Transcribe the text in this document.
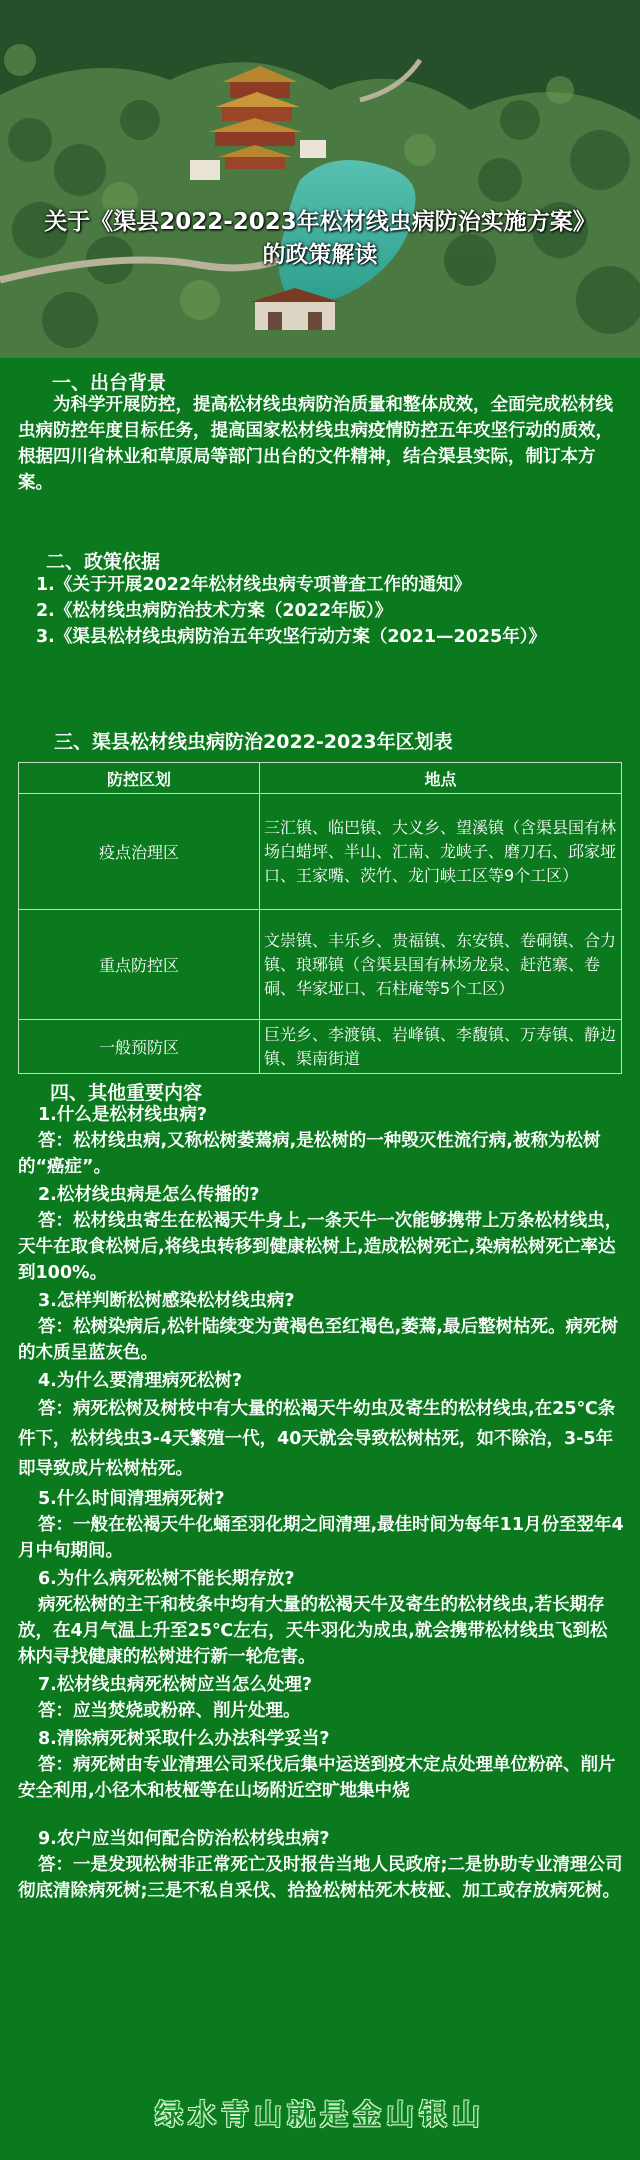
关于《渠县2022-2023年松材线虫病防治实施方案》
的政策解读
一、出台背景

为科学开展防控，提高松材线虫病防治质量和整体成效，全面完成松材线虫病防控年度目标任务，提高国家松材线虫病疫情防控五年攻坚行动的质效，根据四川省林业和草原局等部门出台的文件精神，结合渠县实际，制订本方案。

二、政策依据

1.《关于开展2022年松材线虫病专项普查工作的通知》

2.《松材线虫病防治技术方案（2022年版）》

3.《渠县松材线虫病防治五年攻坚行动方案（2021—2025年）》

三、渠县松材线虫病防治2022-2023年区划表
防控区划	地点
疫点治理区	三汇镇、临巴镇、大义乡、望溪镇（含渠县国有林场白蜡坪、半山、汇南、龙峡子、磨刀石、邱家垭口、王家嘴、茨竹、龙门峡工区等9个工区）
重点防控区	文崇镇、丰乐乡、贵福镇、东安镇、卷硐镇、合力镇、琅琊镇（含渠县国有林场龙泉、赶范寨、卷硐、华家垭口、石柱庵等5个工区）
一般预防区	巨光乡、李渡镇、岩峰镇、李馥镇、万寿镇、静边镇、渠南街道
四、其他重要内容

1.什么是松材线虫病?

答：松材线虫病,又称松树萎蔫病,是松树的一种毁灭性流行病,被称为松树的“癌症”。

2.松材线虫病是怎么传播的?

答：松材线虫寄生在松褐天牛身上,一条天牛一次能够携带上万条松材线虫，天牛在取食松树后,将线虫转移到健康松树上,造成松树死亡,染病松树死亡率达到100%。

3.怎样判断松树感染松材线虫病?

答：松树染病后,松针陆续变为黄褐色至红褐色,萎蔫,最后整树枯死。病死树的木质呈蓝灰色。

4.为什么要清理病死松树?

答：病死松树及树枝中有大量的松褐天牛幼虫及寄生的松材线虫,在25℃条件下，松材线虫3-4天繁殖一代，40天就会导致松树枯死，如不除治，3-5年即导致成片松树枯死。

5.什么时间清理病死树?

答：一般在松褐天牛化蛹至羽化期之间清理,最佳时间为每年11月份至翌年4月中旬期间。

6.为什么病死松树不能长期存放?

病死松树的主干和枝条中均有大量的松褐天牛及寄生的松材线虫,若长期存放，在4月气温上升至25℃左右，天牛羽化为成虫,就会携带松材线虫飞到松林内寻找健康的松树进行新一轮危害。

7.松材线虫病死松树应当怎么处理?

答：应当焚烧或粉碎、削片处理。

8.清除病死树采取什么办法科学妥当?

答：病死树由专业清理公司采伐后集中运送到疫木定点处理单位粉碎、削片安全利用,小径木和枝桠等在山场附近空旷地集中烧

9.农户应当如何配合防治松材线虫病?

答：一是发现松树非正常死亡及时报告当地人民政府;二是协助专业清理公司彻底清除病死树;三是不私自采伐、拾捡松树枯死木枝桠、加工或存放病死树。

绿水青山就是金山银山
